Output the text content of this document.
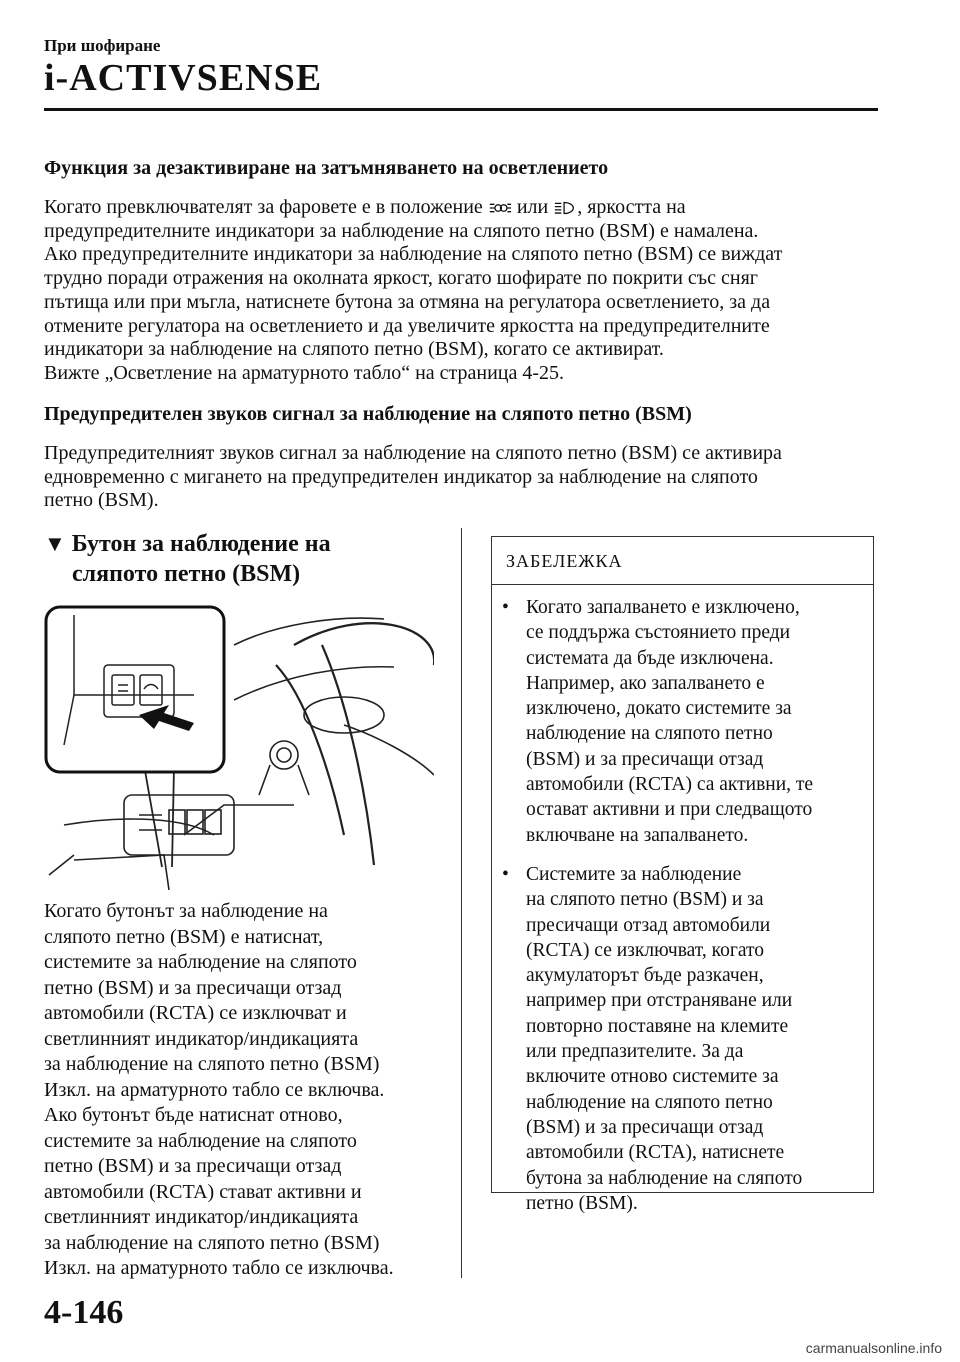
При шофиране
i-ACTIVSENSE
Функция за дезактивиране на затъмняването на осветлението
Когато превключвателят за фаровете е в положение  или , яркостта на
предупредителните индикатори за наблюдение на сляпото петно (BSM) е намалена.
Ако предупредителните индикатори за наблюдение на сляпото петно (BSM) се виждат
трудно поради отражения на околната яркост, когато шофирате по покрити със сняг
пътища или при мъгла, натиснете бутона за отмяна на регулатора осветлението, за да
отмените регулатора на осветлението и да увеличите яркостта на предупредителните
индикатори за наблюдение на сляпото петно (BSM), когато се активират.
Вижте „Осветление на арматурното табло“ на страница 4-25.
Предупредителен звуков сигнал за наблюдение на сляпото петно (BSM)
Предупредителният звуков сигнал за наблюдение на сляпото петно (BSM) се активира
едновременно с мигането на предупредителен индикатор за наблюдение на сляпото
петно (BSM).
▼ Бутон за наблюдение на
сляпото петно (BSM)
Когато бутонът за наблюдение на
сляпото петно (BSM) е натиснат,
системите за наблюдение на сляпото
петно (BSM) и за пресичащи отзад
автомобили (RCTA) се изключват и
светлинният индикатор/индикацията
за наблюдение на сляпото петно (BSM)
Изкл. на арматурното табло се включва.
Ако бутонът бъде натиснат отново,
системите за наблюдение на сляпото
петно (BSM) и за пресичащи отзад
автомобили (RCTA) стават активни и
светлинният индикатор/индикацията
за наблюдение на сляпото петно (BSM)
Изкл. на арматурното табло се изключва.
ЗАБЕЛЕЖКА
• Когато запалването е изключено,
се поддържа състоянието преди
системата да бъде изключена.
Например, ако запалването е
изключено, докато системите за
наблюдение на сляпото петно
(BSM) и за пресичащи отзад
автомобили (RCTA) са активни, те
остават активни и при следващото
включване на запалването.
• Системите за наблюдение
на сляпото петно (BSM) и за
пресичащи отзад автомобили
(RCTA) се изключват, когато
акумулаторът бъде разкачен,
например при отстраняване или
повторно поставяне на клемите
или предпазителите. За да
включите отново системите за
наблюдение на сляпото петно
(BSM) и за пресичащи отзад
автомобили (RCTA), натиснете
бутона за наблюдение на сляпото
петно (BSM).
4-146
carmanualsonline.info
